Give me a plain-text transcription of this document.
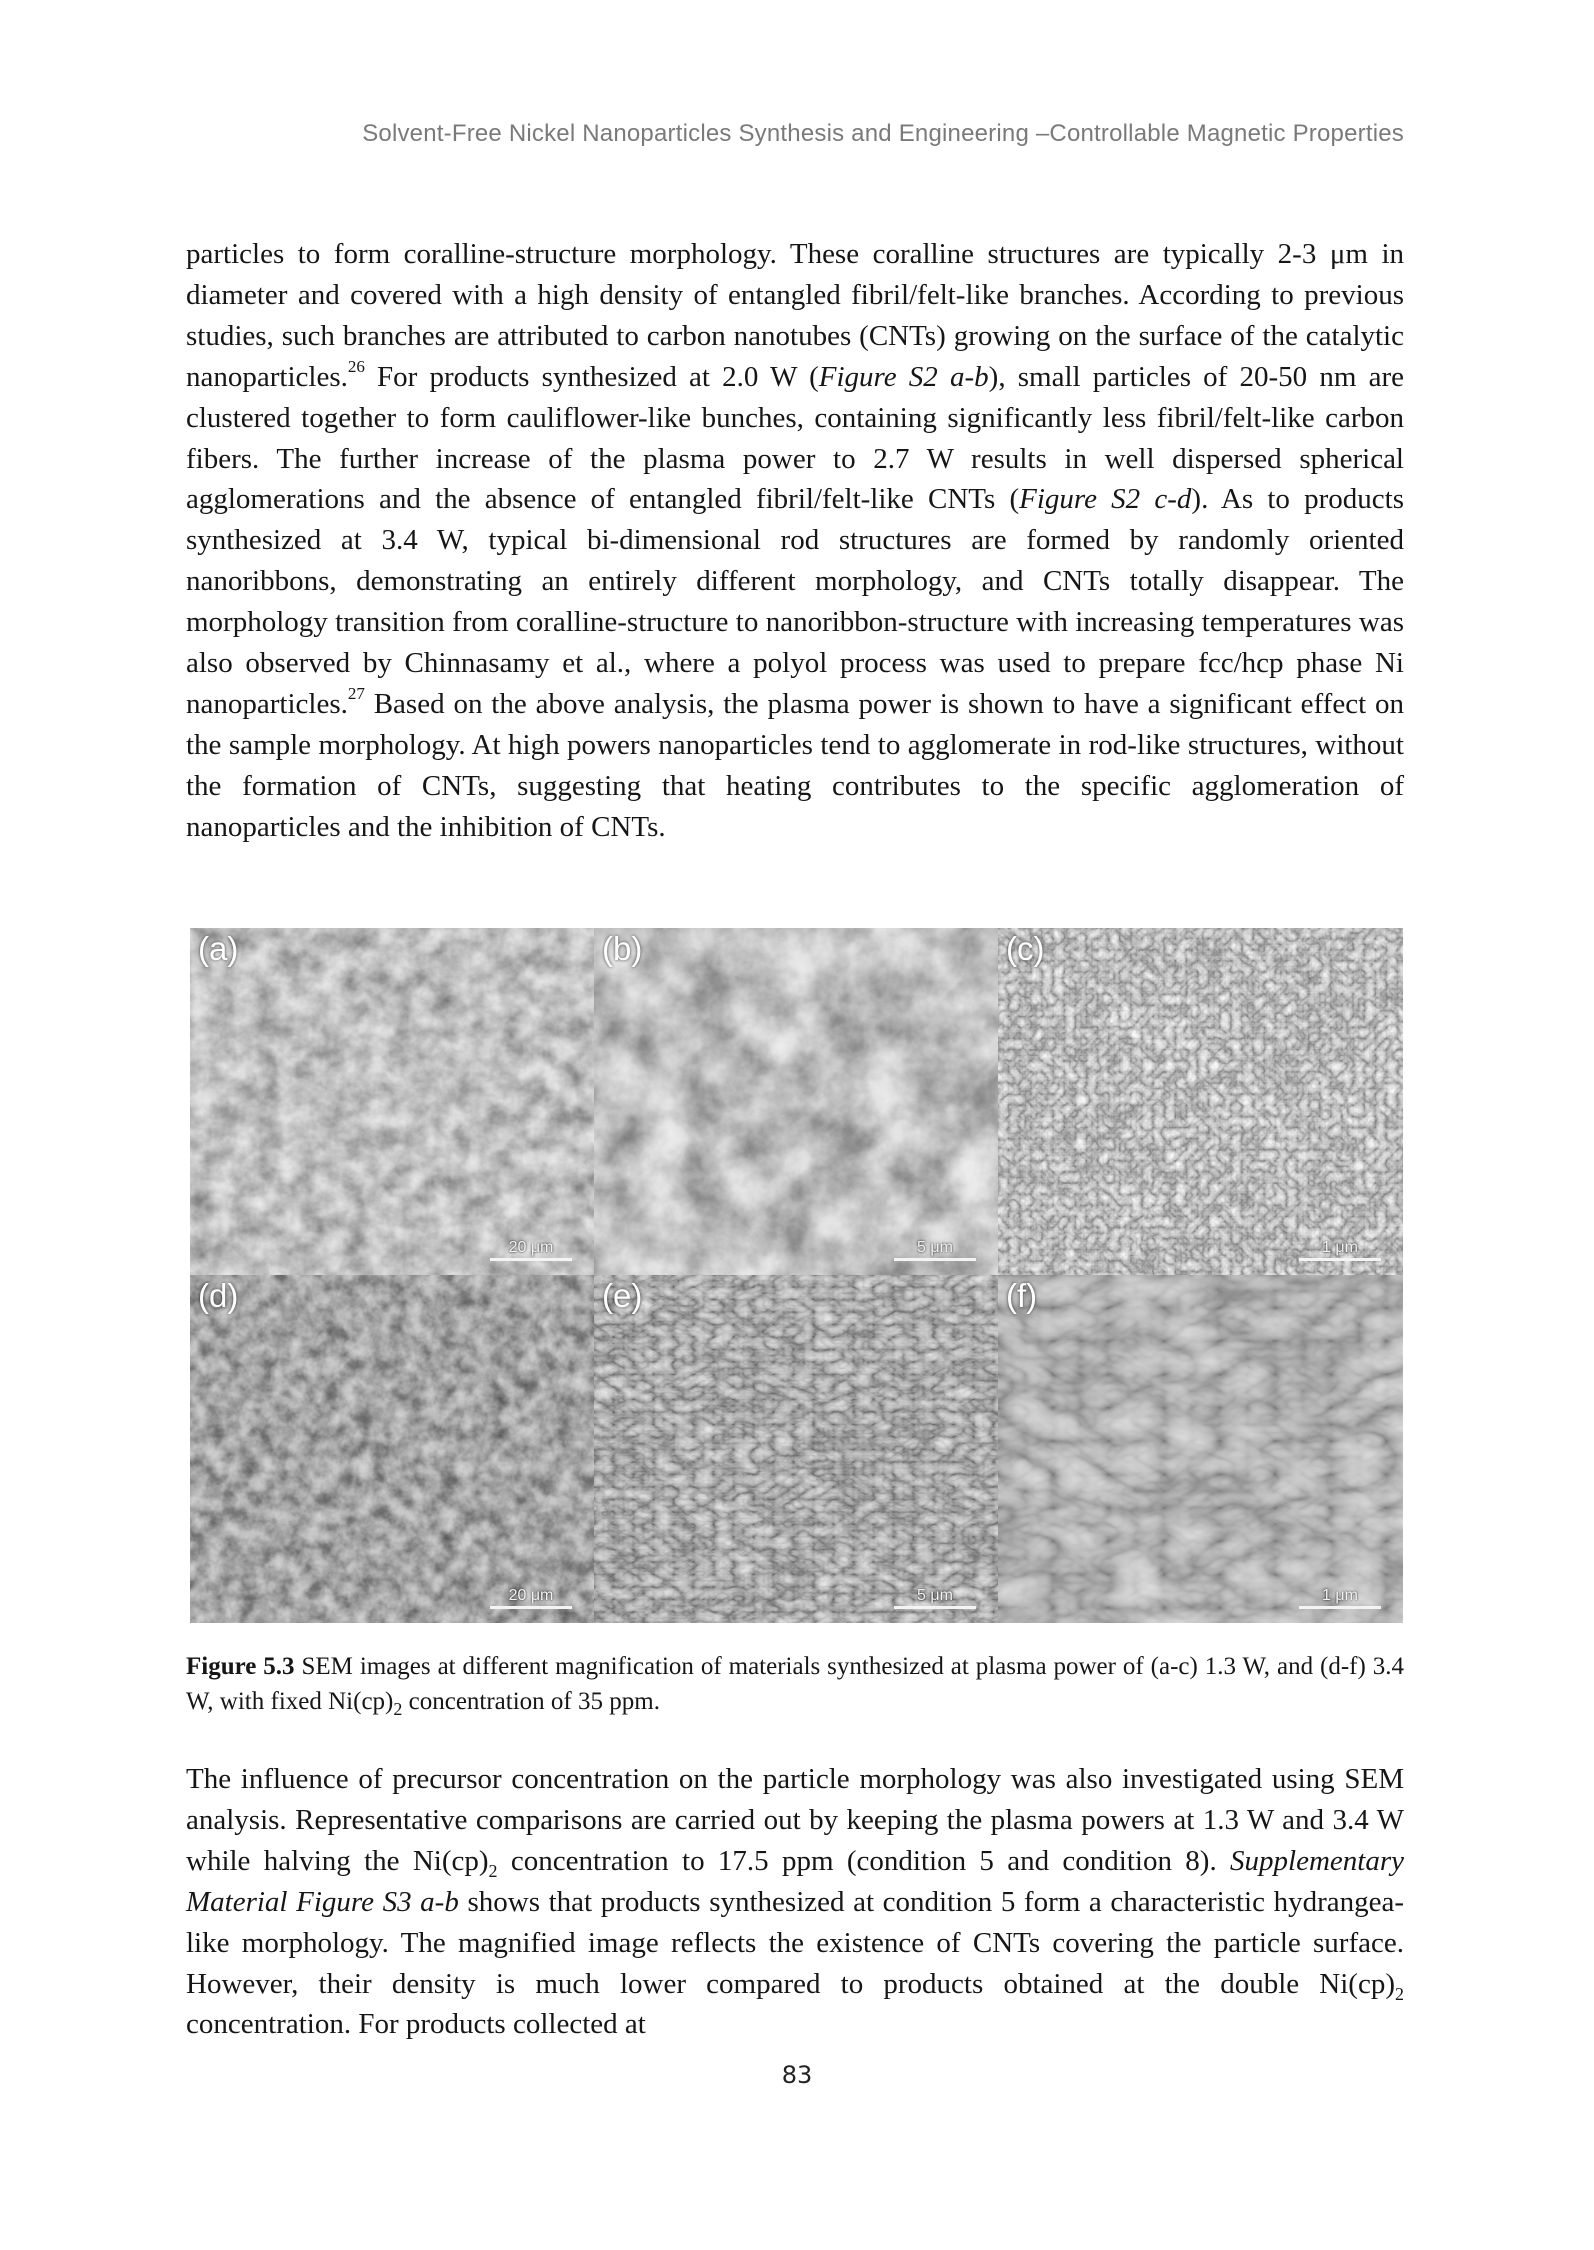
Solvent-Free Nickel Nanoparticles Synthesis and Engineering –Controllable Magnetic Properties

particles to form coralline-structure morphology. These coralline structures are typically 2-3 μm in diameter and covered with a high density of entangled fibril/felt-like branches. According to previous studies, such branches are attributed to carbon nanotubes (CNTs) growing on the surface of the catalytic nanoparticles.$^{26}$ For products synthesized at 2.0 W (Figure S2 a-b), small particles of 20-50 nm are clustered together to form cauliflower-like bunches, containing significantly less fibril/felt-like carbon fibers. The further increase of the plasma power to 2.7 W results in well dispersed spherical agglomerations and the absence of entangled fibril/felt-like CNTs (Figure S2 c-d). As to products synthesized at 3.4 W, typical bi-dimensional rod structures are formed by randomly oriented nanoribbons, demonstrating an entirely different morphology, and CNTs totally disappear. The morphology transition from coralline-structure to nanoribbon-structure with increasing temperatures was also observed by Chinnasamy et al., where a polyol process was used to prepare fcc/hcp phase Ni nanoparticles.$^{27}$ Based on the above analysis, the plasma power is shown to have a significant effect on the sample morphology. At high powers nanoparticles tend to agglomerate in rod-like structures, without the formation of CNTs, suggesting that heating contributes to the specific agglomeration of nanoparticles and the inhibition of CNTs.

(a)
20 μm
(b)
5 μm
(c)
1 μm
(d)
20 μm
(e)
5 μm
(f)
1 μm

Figure 5.3 SEM images at different magnification of materials synthesized at plasma power of (a-c) 1.3 W, and (d-f) 3.4 W, with fixed $Ni(cp)_2$ concentration of 35 ppm.

The influence of precursor concentration on the particle morphology was also investigated using SEM analysis. Representative comparisons are carried out by keeping the plasma powers at 1.3 W and 3.4 W while halving the $Ni(cp)_2$ concentration to 17.5 ppm (condition 5 and condition 8). Supplementary Material Figure S3 a-b shows that products synthesized at condition 5 form a characteristic hydrangea-like morphology. The magnified image reflects the existence of CNTs covering the particle surface. However, their density is much lower compared to products obtained at the double $Ni(cp)_2$ concentration. For products collected at

83
